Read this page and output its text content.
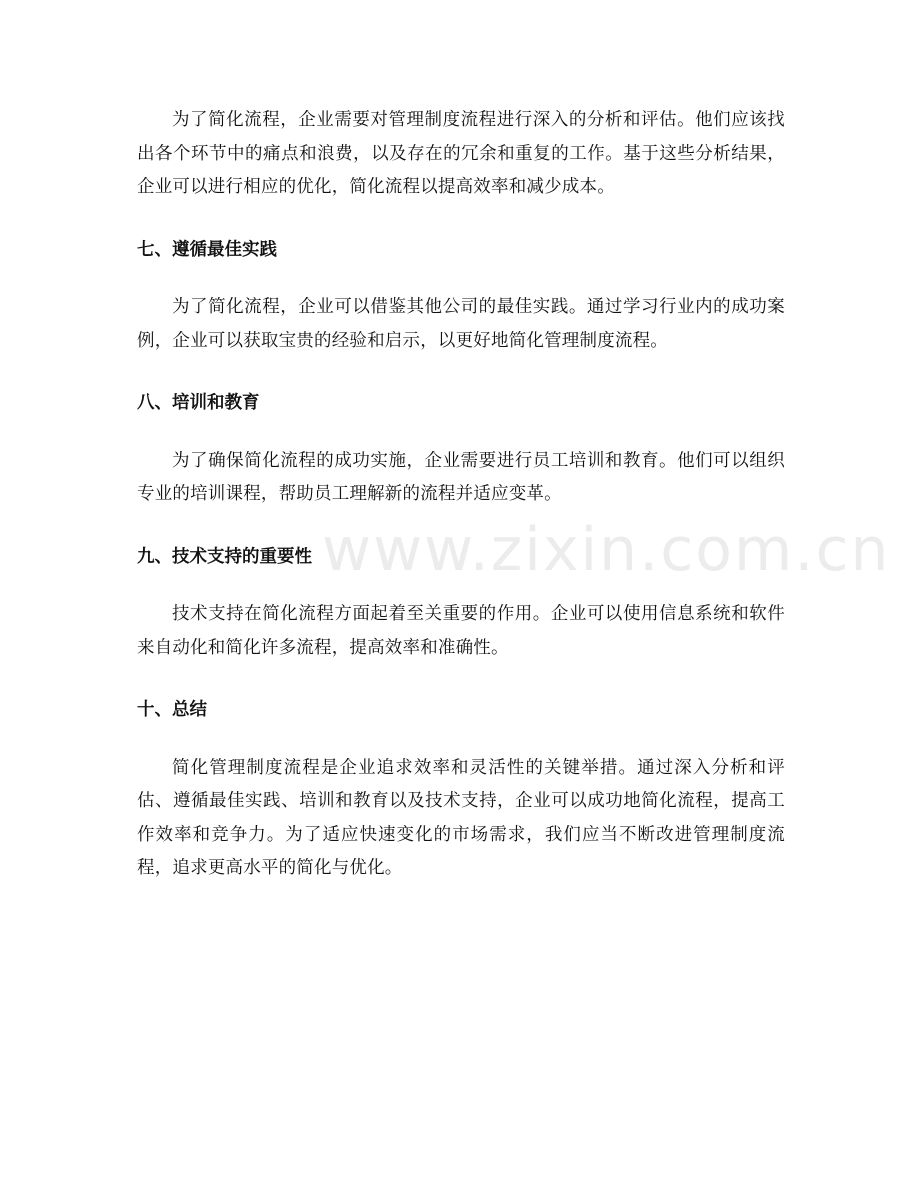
www.zixin.com.cn

为了简化流程，企业需要对管理制度流程进行深入的分析和评估。他们应该找出各个环节中的痛点和浪费，以及存在的冗余和重复的工作。基于这些分析结果，企业可以进行相应的优化，简化流程以提高效率和减少成本。

七、遵循最佳实践

为了简化流程，企业可以借鉴其他公司的最佳实践。通过学习行业内的成功案例，企业可以获取宝贵的经验和启示，以更好地简化管理制度流程。

八、培训和教育

为了确保简化流程的成功实施，企业需要进行员工培训和教育。他们可以组织专业的培训课程，帮助员工理解新的流程并适应变革。

九、技术支持的重要性

技术支持在简化流程方面起着至关重要的作用。企业可以使用信息系统和软件来自动化和简化许多流程，提高效率和准确性。

十、总结

简化管理制度流程是企业追求效率和灵活性的关键举措。通过深入分析和评估、遵循最佳实践、培训和教育以及技术支持，企业可以成功地简化流程，提高工作效率和竞争力。为了适应快速变化的市场需求，我们应当不断改进管理制度流程，追求更高水平的简化与优化。
